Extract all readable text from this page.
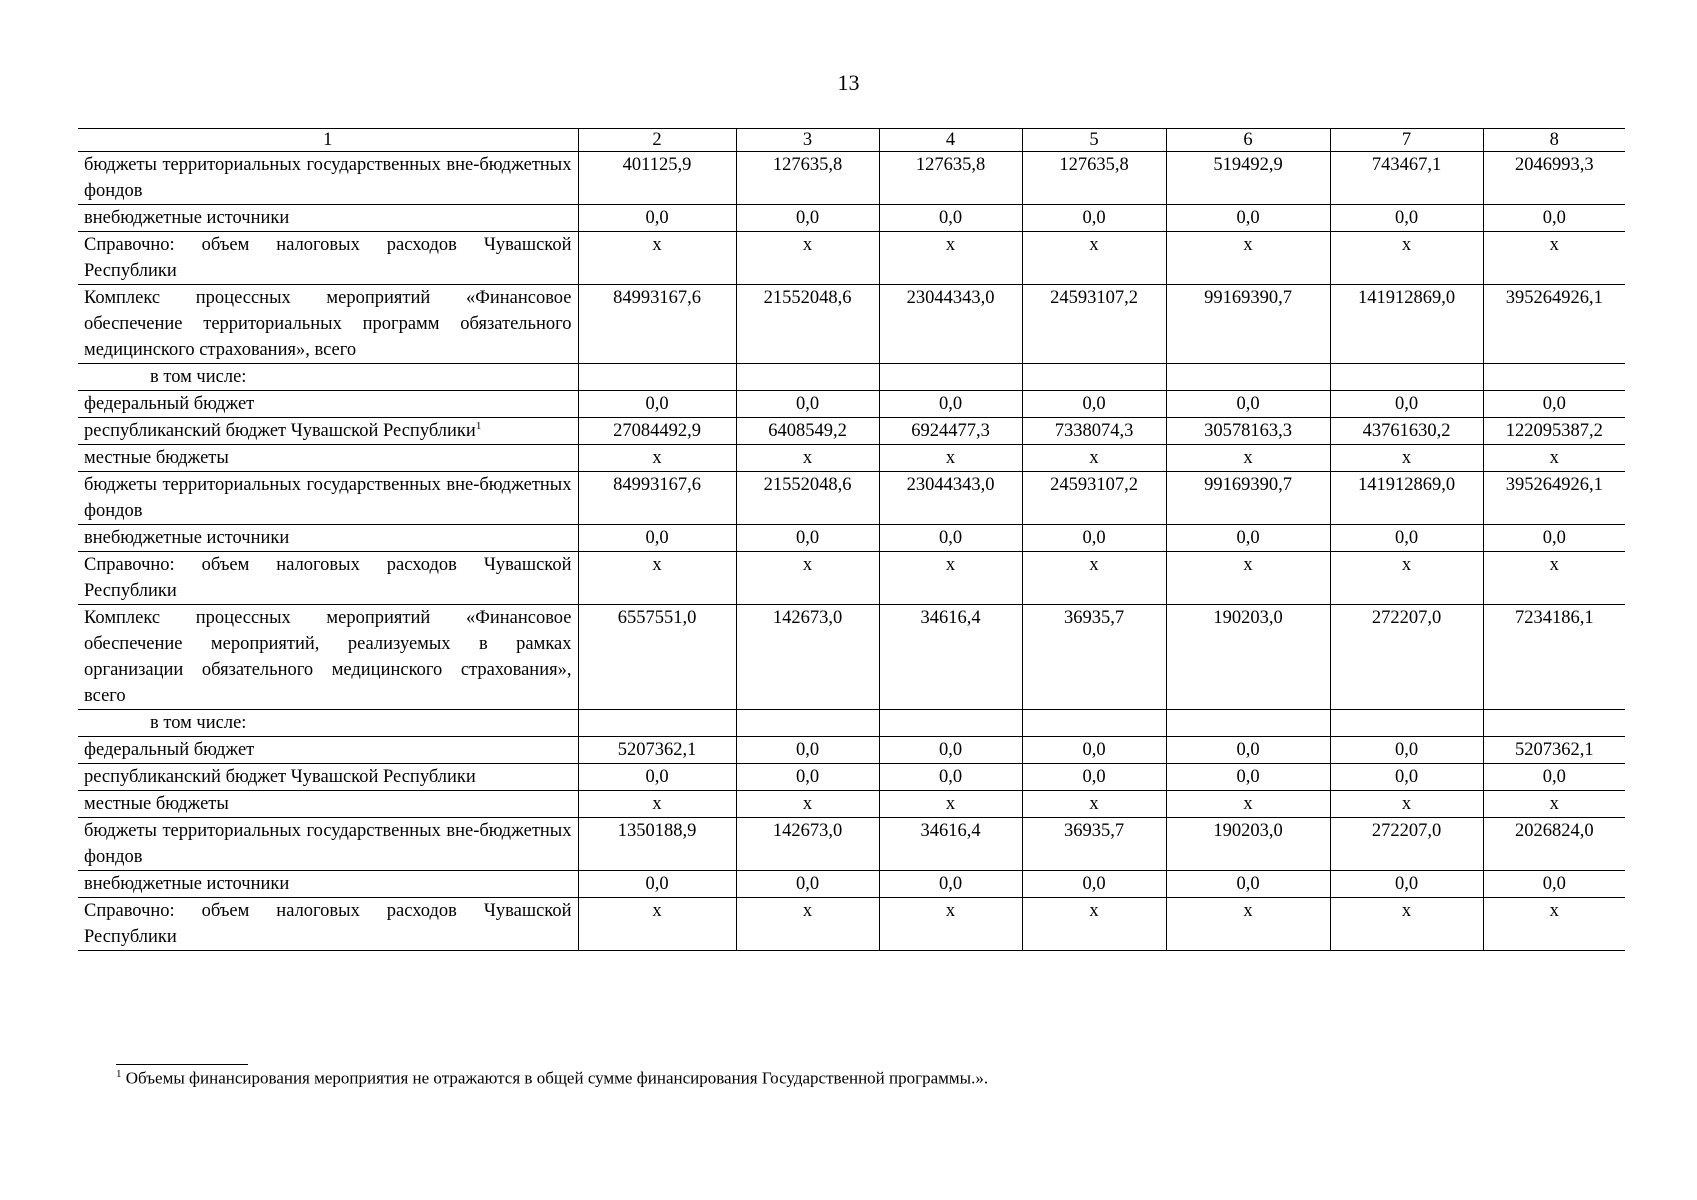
13
1	2	3	4	5	6	7	8
бюджеты территориальных государственных вне-бюджетных фондов	401125,9	127635,8	127635,8	127635,8	519492,9	743467,1	2046993,3
внебюджетные источники	0,0	0,0	0,0	0,0	0,0	0,0	0,0
Справочно: объем налоговых расходов Чувашской Республики	х	х	х	х	х	х	х
Комплекс процессных мероприятий «Финансовое обеспечение территориальных программ обязательного медицинского страхования», всего	84993167,6	21552048,6	23044343,0	24593107,2	99169390,7	141912869,0	395264926,1
в том числе:							
федеральный бюджет	0,0	0,0	0,0	0,0	0,0	0,0	0,0
республиканский бюджет Чувашской Республики$^1$	27084492,9	6408549,2	6924477,3	7338074,3	30578163,3	43761630,2	122095387,2
местные бюджеты	х	х	х	х	х	х	х
бюджеты территориальных государственных вне-бюджетных фондов	84993167,6	21552048,6	23044343,0	24593107,2	99169390,7	141912869,0	395264926,1
внебюджетные источники	0,0	0,0	0,0	0,0	0,0	0,0	0,0
Справочно: объем налоговых расходов Чувашской Республики	х	х	х	х	х	х	х
Комплекс процессных мероприятий «Финансовое обеспечение мероприятий, реализуемых в рамках организации обязательного медицинского страхования», всего	6557551,0	142673,0	34616,4	36935,7	190203,0	272207,0	7234186,1
в том числе:							
федеральный бюджет	5207362,1	0,0	0,0	0,0	0,0	0,0	5207362,1
республиканский бюджет Чувашской Республики	0,0	0,0	0,0	0,0	0,0	0,0	0,0
местные бюджеты	х	х	х	х	х	х	х
бюджеты территориальных государственных вне-бюджетных фондов	1350188,9	142673,0	34616,4	36935,7	190203,0	272207,0	2026824,0
внебюджетные источники	0,0	0,0	0,0	0,0	0,0	0,0	0,0
Справочно: объем налоговых расходов Чувашской Республики	х	х	х	х	х	х	х
$^1$ Объемы финансирования мероприятия не отражаются в общей сумме финансирования Государственной программы.».
